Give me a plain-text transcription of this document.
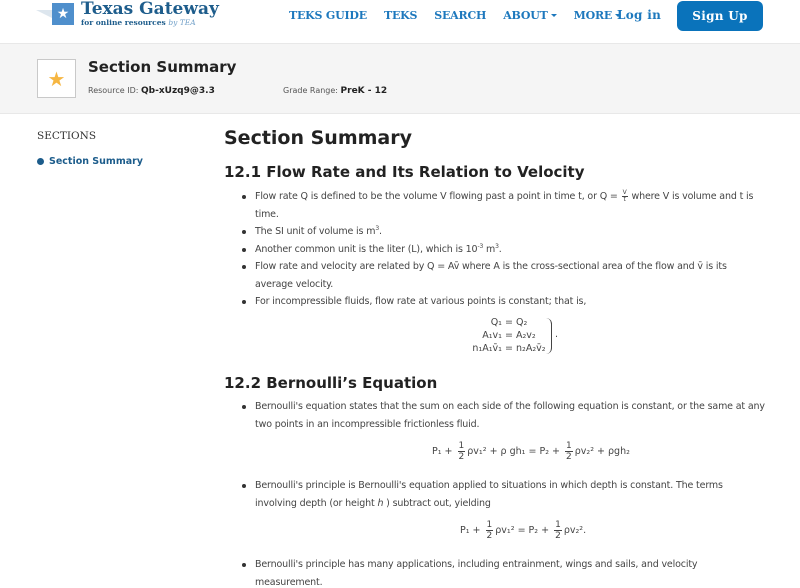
★ Texas Gateway
for online resources by TEA
TEKS GUIDE TEKS SEARCH ABOUT MORE Log in	Sign Up
★	Section Summary
Resource ID: Qb-xUzq9@3.3	Grade Range: PreK - 12
SECTIONS
Section Summary
Section Summary
12.1 Flow Rate and Its Relation to Velocity
Flow rate Q is defined to be the volume V flowing past a point in time t, or $Q = \frac{V}{t}$ where V is volume and t is time.
The SI unit of volume is $m^3$.
Another common unit is the liter (L), which is $10^{-3}$ $m^3$.
Flow rate and velocity are related by Q = Av̄ where A is the cross-sectional area of the flow and v̄ is its average velocity.
For incompressible fluids, flow rate at various points is constant; that is,
Q₁ = Q₂
A₁v₁ = A₂v₂
n₁A₁v̄₁ = n₂A₂v̄₂
.
12.2 Bernoulli’s Equation
Bernoulli's equation states that the sum on each side of the following equation is constant, or the same at any two points in an incompressible frictionless fluid.
$P_1 + \frac{1}{2} \rho v_1^2 + \rho$ $gh_1 = P_2 + \frac{1}{2} \rho v_2^2 + \rho gh_2$
Bernoulli's principle is Bernoulli's equation applied to situations in which depth is constant. The terms involving depth (or height h ) subtract out, yielding
$P_1 + \frac{1}{2} \rho v_1^2 = P_2 + \frac{1}{2} \rho v_2^2$.
Bernoulli's principle has many applications, including entrainment, wings and sails, and velocity measurement.
